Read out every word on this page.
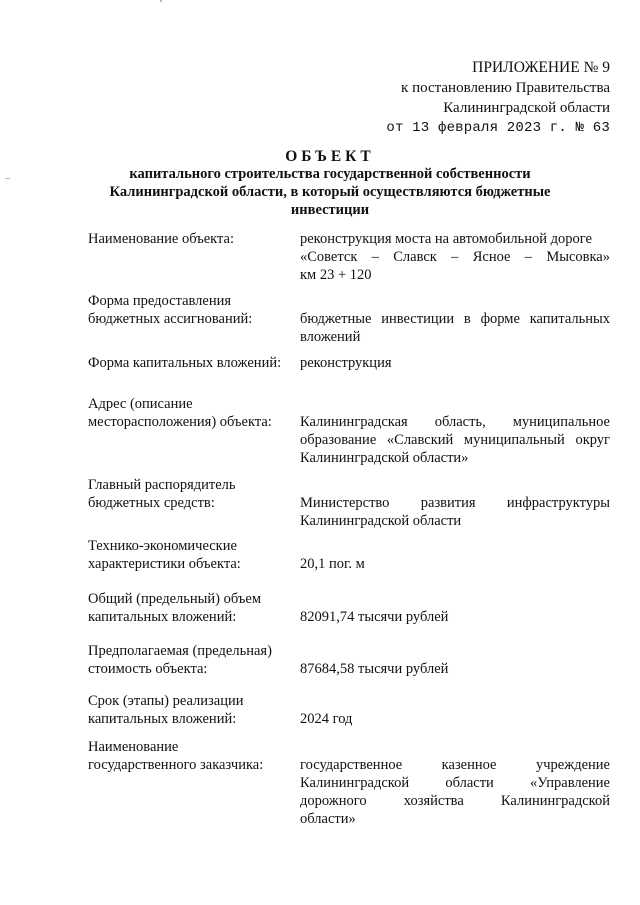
ПРИЛОЖЕНИЕ № 9
к постановлению Правительства
Калининградской области
от 13 февраля 2023 г. № 63
ОБЪЕКТ
капитального строительства государственной собственности
Калининградской области, в который осуществляются бюджетные
инвестиции
Наименование объекта:	реконструкция моста на автомобильной дороге
«Советск – Славск – Ясное – Мысовка»
км 23 + 120
Форма предоставления
бюджетных ассигнований:
	бюджетные инвестиции в форме капитальных
вложений
Форма капитальных вложений:	реконструкция
Адрес (описание
месторасположения) объекта:
	Калининградская область, муниципальное
образование «Славский муниципальный округ
Калининградской области»
Главный распорядитель
бюджетных средств:
	Министерство развития инфраструктуры
Калининградской области
Технико-экономические
характеристики объекта:
	20,1 пог. м
Общий (предельный) объем
капитальных вложений:
	82091,74 тысячи рублей
Предполагаемая (предельная)
стоимость объекта:
	87684,58 тысячи рублей
Срок (этапы) реализации
капитальных вложений:
	2024 год
Наименование
государственного заказчика:
	государственное казенное учреждение
Калининградской области «Управление
дорожного хозяйства Калининградской
области»
